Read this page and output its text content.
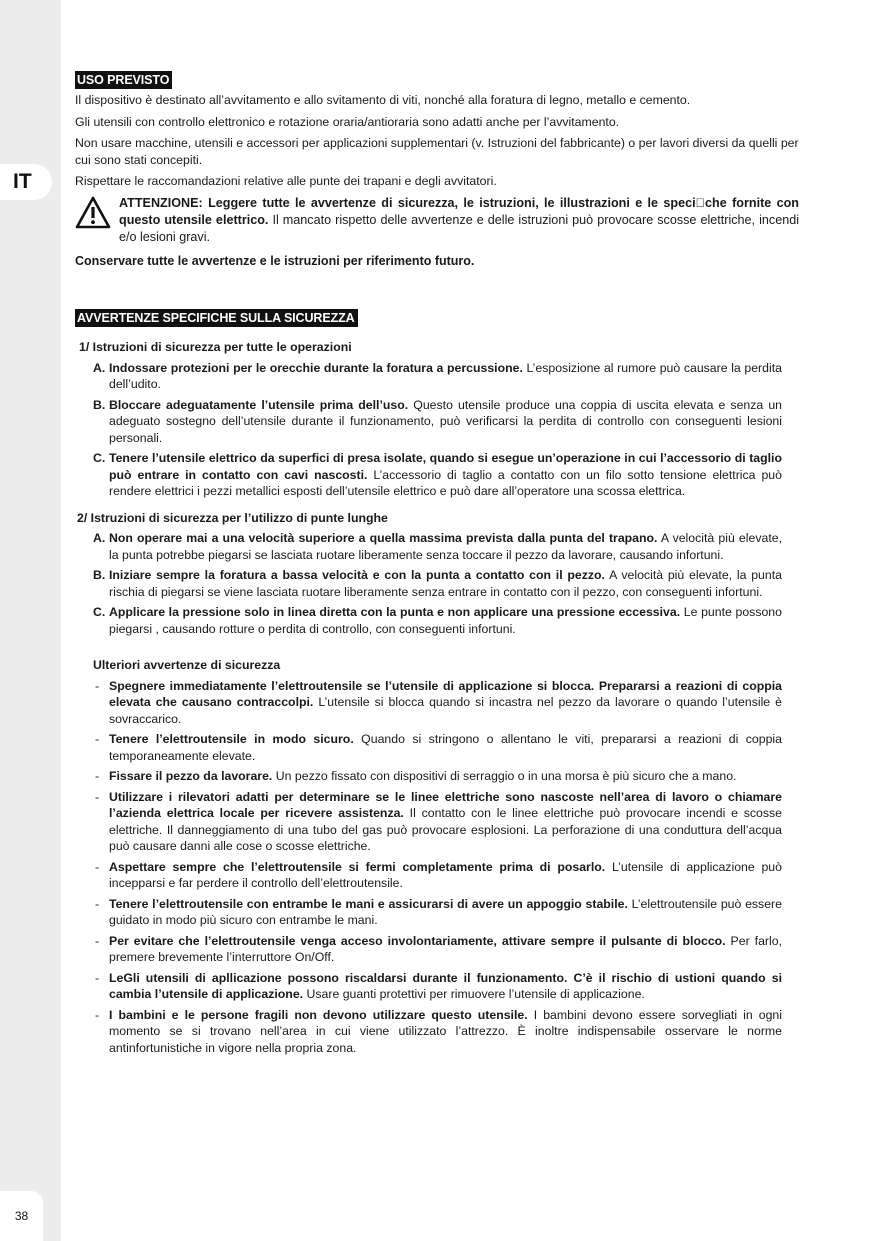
IT
38
USO PREVISTO

Il dispositivo è destinato all’avvitamento e allo svitamento di viti, nonché alla foratura di legno, metallo e cemento.

Gli utensili con controllo elettronico e rotazione oraria/antioraria sono adatti anche per l’avvitamento.

Non usare macchine, utensili e accessori per applicazioni supplementari (v. Istruzioni del fabbricante) o per lavori diversi da quelli per cui sono stati concepiti.

Rispettare le raccomandazioni relative alle punte dei trapani e degli avvitatori.

ATTENZIONE: Leggere tutte le avvertenze di sicurezza, le istruzioni, le illustrazioni e le speci che fornite con questo utensile elettrico. Il mancato rispetto delle avvertenze e delle istruzioni può provocare scosse elettriche, incendi e/o lesioni gravi.

Conservare tutte le avvertenze e le istruzioni per riferimento futuro.

AVVERTENZE SPECIFICHE SULLA SICUREZZA
1/ Istruzioni di sicurezza per tutte le operazioni
A. Indossare protezioni per le orecchie durante la foratura a percussione. L’esposizione al rumore può causare la perdita dell’udito.
B. Bloccare adeguatamente l’utensile prima dell’uso. Questo utensile produce una coppia di uscita elevata e senza un adeguato sostegno dell’utensile durante il funzionamento, può verificarsi la perdita di controllo con conseguenti lesioni personali.
C. Tenere l’utensile elettrico da superfici di presa isolate, quando si esegue un’operazione in cui l’accessorio di taglio può entrare in contatto con cavi nascosti. L’accessorio di taglio a contatto con un filo sotto tensione elettrica può rendere elettrici i pezzi metallici esposti dell’utensile elettrico e può dare all’operatore una scossa elettrica.
2/ Istruzioni di sicurezza per l’utilizzo di punte lunghe
A. Non operare mai a una velocità superiore a quella massima prevista dalla punta del trapano. A velocità più elevate, la punta potrebbe piegarsi se lasciata ruotare liberamente senza toccare il pezzo da lavorare, causando infortuni.
B. Iniziare sempre la foratura a bassa velocità e con la punta a contatto con il pezzo. A velocità più elevate, la punta rischia di piegarsi se viene lasciata ruotare liberamente senza entrare in contatto con il pezzo, con conseguenti infortuni.
C. Applicare la pressione solo in linea diretta con la punta e non applicare una pressione eccessiva. Le punte possono piegarsi , causando rotture o perdita di controllo, con conseguenti infortuni.
Ulteriori avvertenze di sicurezza
- Spegnere immediatamente l’elettroutensile se l’utensile di applicazione si blocca. Prepararsi a reazioni di coppia elevata che causano contraccolpi. L’utensile si blocca quando si incastra nel pezzo da lavorare o quando l’utensile è sovraccarico.
- Tenere l’elettroutensile in modo sicuro. Quando si stringono o allentano le viti, prepararsi a reazioni di coppia temporaneamente elevate.
- Fissare il pezzo da lavorare. Un pezzo fissato con dispositivi di serraggio o in una morsa è più sicuro che a mano.
- Utilizzare i rilevatori adatti per determinare se le linee elettriche sono nascoste nell’area di lavoro o chiamare l’azienda elettrica locale per ricevere assistenza. Il contatto con le linee elettriche può provocare incendi e scosse elettriche. Il danneggiamento di una tubo del gas può provocare esplosioni. La perforazione di una conduttura dell’acqua può causare danni alle cose o scosse elettriche.
- Aspettare sempre che l’elettroutensile si fermi completamente prima di posarlo. L’utensile di applicazione può incepparsi e far perdere il controllo dell’elettroutensile.
- Tenere l’elettroutensile con entrambe le mani e assicurarsi di avere un appoggio stabile. L’elettroutensile può essere guidato in modo più sicuro con entrambe le mani.
- Per evitare che l’elettroutensile venga acceso involontariamente, attivare sempre il pulsante di blocco. Per farlo, premere brevemente l’interruttore On/Off.
- LeGli utensili di apllicazione possono riscaldarsi durante il funzionamento. C’è il rischio di ustioni quando si cambia l’utensile di applicazione. Usare guanti protettivi per rimuovere l’utensile di applicazione.
- I bambini e le persone fragili non devono utilizzare questo utensile. I bambini devono essere sorvegliati in ogni momento se si trovano nell’area in cui viene utilizzato l’attrezzo. È inoltre indispensabile osservare le norme antinfortunistiche in vigore nella propria zona.
